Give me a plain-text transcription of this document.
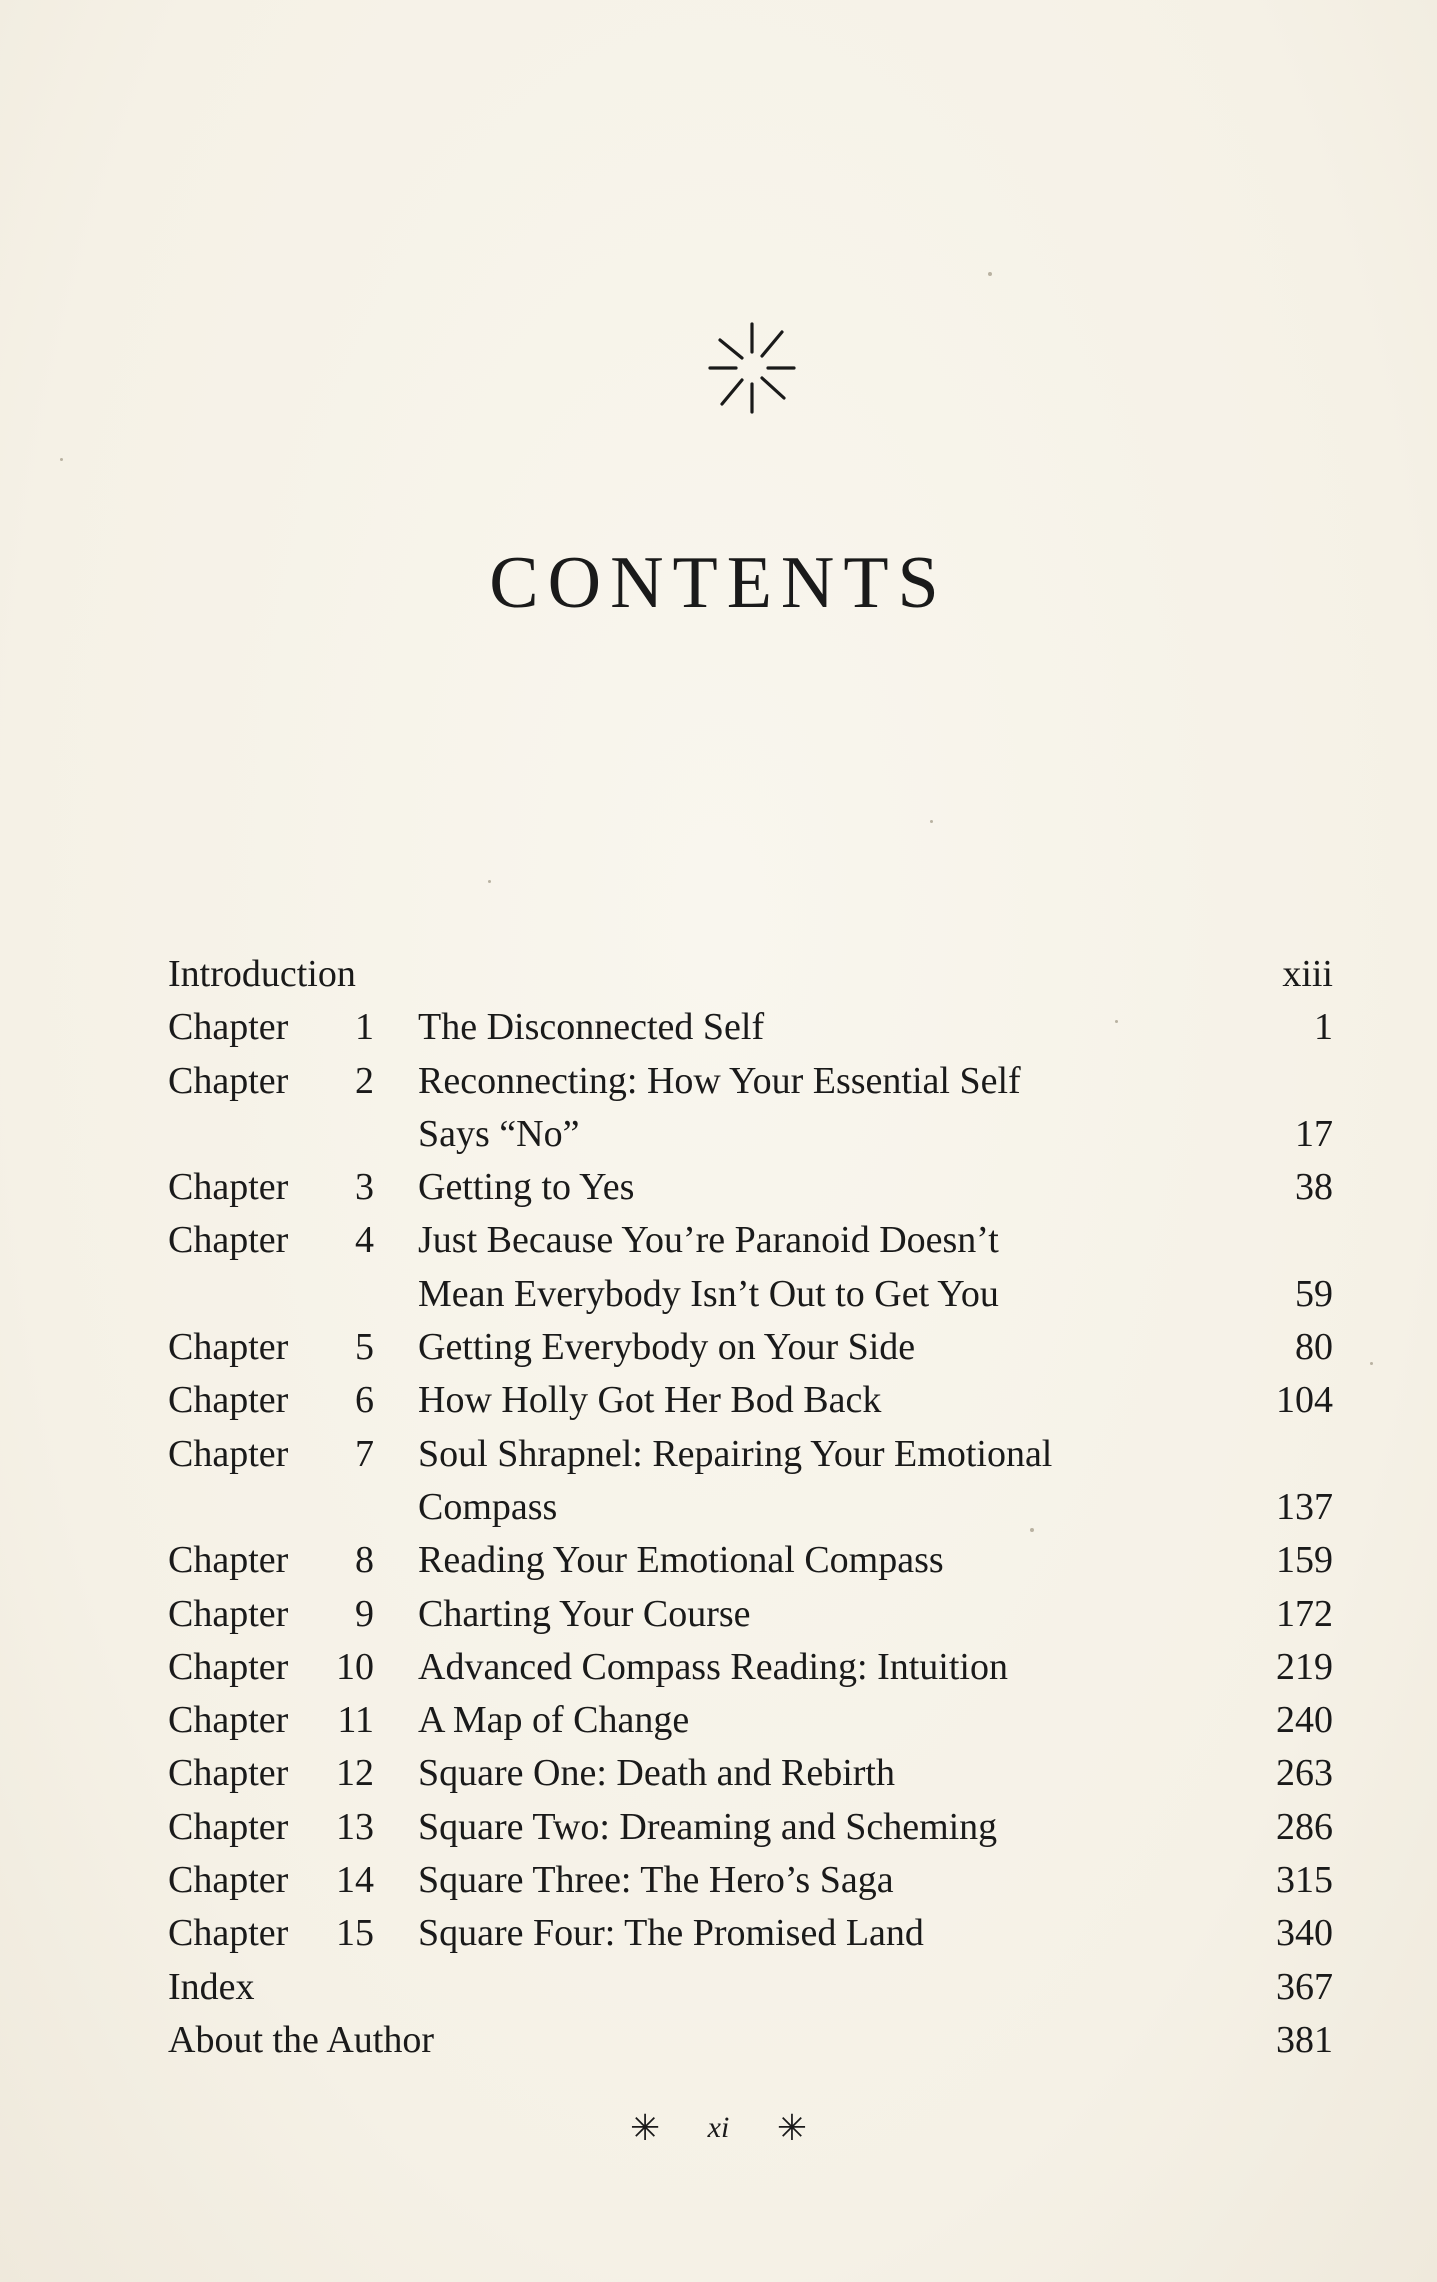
CONTENTS
Introduction	xiii
Chapter 1	The Disconnected Self	1
Chapter 2	Reconnecting: How Your Essential Self
Says “No”	17
Chapter 3	Getting to Yes	38
Chapter 4	Just Because You’re Paranoid Doesn’t
Mean Everybody Isn’t Out to Get You	59
Chapter 5	Getting Everybody on Your Side	80
Chapter 6	How Holly Got Her Bod Back	104
Chapter 7	Soul Shrapnel: Repairing Your Emotional
Compass	137
Chapter 8	Reading Your Emotional Compass	159
Chapter 9	Charting Your Course	172
Chapter 10	Advanced Compass Reading: Intuition	219
Chapter 11	A Map of Change	240
Chapter 12	Square One: Death and Rebirth	263
Chapter 13	Square Two: Dreaming and Scheming	286
Chapter 14	Square Three: The Hero’s Saga	315
Chapter 15	Square Four: The Promised Land	340
Index	367
About the Author	381
✳ xi ✳
